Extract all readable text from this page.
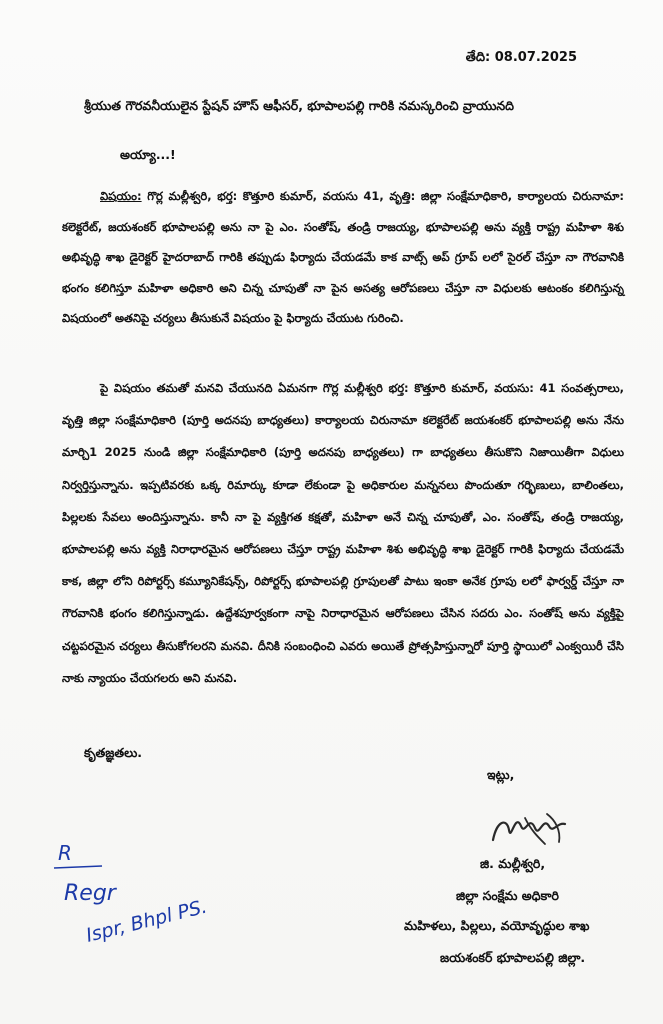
తేది: 08.07.2025
శ్రీయుత గౌరవనీయులైన స్టేషన్ హౌస్ ఆఫీసర్, భూపాలపల్లి గారికి నమస్కరించి వ్రాయునది
అయ్యా...!
విషయం: గొర్ల మల్లీశ్వరి, భర్త: కొత్తూరి కుమార్, వయసు 41, వృత్తి: జిల్లా సంక్షేమాధికారి, కార్యాలయ చిరునామా: కలెక్టరేట్, జయశంకర్ భూపాలపల్లి అను నా పై ఎం. సంతోష్, తండ్రి రాజయ్య, భూపాలపల్లి అను వ్యక్తి రాష్ట్ర మహిళా శిశు అభివృద్ధి శాఖ డైరెక్టర్ హైదరాబాద్ గారికి తప్పుడు ఫిర్యాదు చేయడమే కాక వాట్స్ అప్ గ్రూప్ లలో సైరల్ చేస్తూ నా గౌరవానికి భంగం కలిగిస్తూ మహిళా అధికారి అని చిన్న చూపుతో నా పైన అసత్య ఆరోపణలు చేస్తూ నా విధులకు ఆటంకం కలిగిస్తున్న విషయంలో అతనిపై చర్యలు తీసుకునే విషయం పై ఫిర్యాదు చేయుట గురించి.
పై విషయం తమతో మనవి చేయునది ఏమనగా గొర్ల మల్లీశ్వరి భర్త: కొత్తూరి కుమార్, వయసు: 41 సంవత్సరాలు, వృత్తి జిల్లా సంక్షేమాధికారి (పూర్తి అదనపు బాధ్యతలు) కార్యాలయ చిరునామా కలెక్టరేట్ జయశంకర్ భూపాలపల్లి అను నేను మార్చి1 2025 నుండి జిల్లా సంక్షేమాధికారి (పూర్తి అదనపు బాధ్యతలు) గా బాధ్యతలు తీసుకొని నిజాయితీగా విధులు నిర్వర్తిస్తున్నాను. ఇప్పటివరకు ఒక్క రిమార్కు కూడా లేకుండా పై అధికారుల మన్ననలు పొందుతూ గర్భిణులు, బాలింతలు, పిల్లలకు సేవలు అందిస్తున్నాను. కానీ నా పై వ్యక్తిగత కక్షతో, మహిళా అనే చిన్న చూపుతో, ఎం. సంతోష్, తండ్రి రాజయ్య, భూపాలపల్లి అను వ్యక్తి నిరాధారమైన ఆరోపణలు చేస్తూ రాష్ట్ర మహిళా శిశు అభివృద్ధి శాఖ డైరెక్టర్ గారికి ఫిర్యాదు చేయడమే కాక, జిల్లా లోని రిపోర్టర్స్ కమ్యూనికేషన్స్, రిపోర్టర్స్ భూపాలపల్లి గ్రూపులతో పాటు ఇంకా అనేక గ్రూపు లలో ఫార్వర్డ్ చేస్తూ నా గౌరవానికి భంగం కలిగిస్తున్నాడు. ఉద్దేశపూర్వకంగా నాపై నిరాధారమైన ఆరోపణలు చేసిన సదరు ఎం. సంతోష్ అను వ్యక్తిపై చట్టపరమైన చర్యలు తీసుకోగలరని మనవి. దీనికి సంబంధించి ఎవరు అయితే ప్రోత్సహిస్తున్నారో పూర్తి స్థాయిలో ఎంక్వయిరీ చేసి నాకు న్యాయం చేయగలరు అని మనవి.
కృతజ్ఞతలు.
ఇట్లు,
జి. మల్లీశ్వరి,
జిల్లా సంక్షేమ అధికారి
మహిళలు, పిల్లలు, వయోవృద్ధుల శాఖ
జయశంకర్ భూపాలపల్లి జిల్లా.
R
Regr
Ispr, Bhpl PS.
